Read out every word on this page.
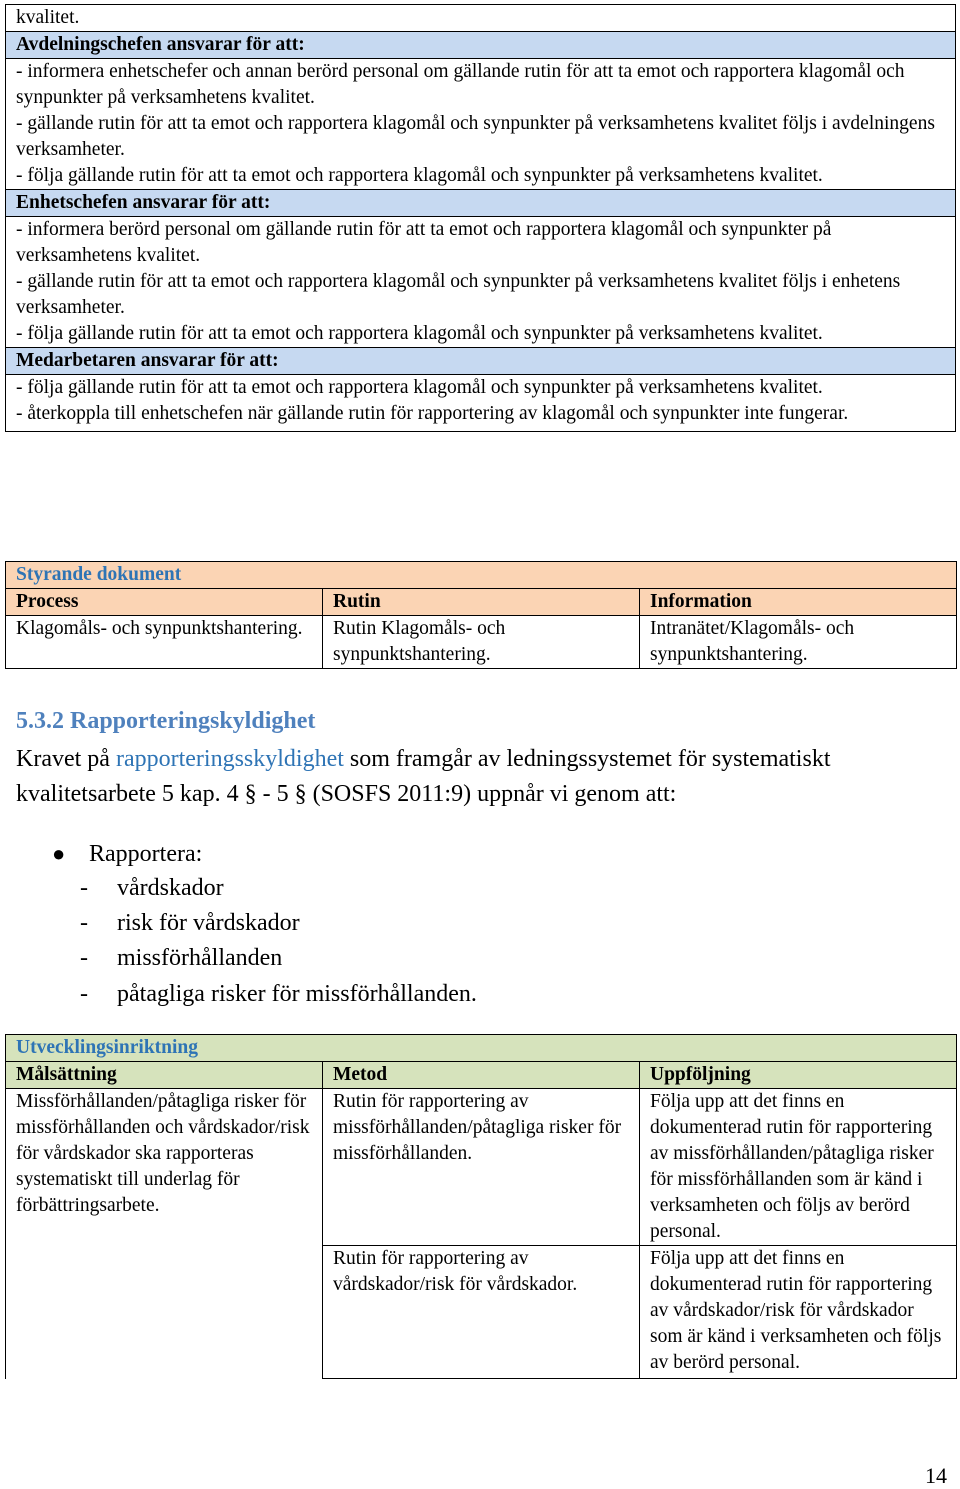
kvalitet.
Avdelningschefen ansvarar för att:

- informera enhetschefer och annan berörd personal om gällande rutin för att ta emot och rapportera klagomål och synpunkter på verksamhetens kvalitet.
- gällande rutin för att ta emot och rapportera klagomål och synpunkter på verksamhetens kvalitet följs i avdelningens verksamheter.
- följa gällande rutin för att ta emot och rapportera klagomål och synpunkter på verksamhetens kvalitet.

Enhetschefen ansvarar för att:

- informera berörd personal om gällande rutin för att ta emot och rapportera klagomål och synpunkter på verksamhetens kvalitet.
- gällande rutin för att ta emot och rapportera klagomål och synpunkter på verksamhetens kvalitet följs i enhetens verksamheter.
- följa gällande rutin för att ta emot och rapportera klagomål och synpunkter på verksamhetens kvalitet.

Medarbetaren ansvarar för att:

- följa gällande rutin för att ta emot och rapportera klagomål och synpunkter på verksamhetens kvalitet.
- återkoppla till enhetschefen när gällande rutin för rapportering av klagomål och synpunkter inte fungerar.
Styrande dokument		
Process	Rutin	Information
Klagomåls- och synpunktshantering.	Rutin Klagomåls- och synpunktshantering.	Intranätet/Klagomåls- och synpunktshantering.
5.3.2 Rapporteringskyldighet

Kravet på rapporteringsskyldighet som framgår av ledningssystemet för systematiskt kvalitetsarbete 5 kap. 4 § - 5 § (SOSFS 2011:9) uppnår vi genom att:

● Rapportera:
- vårdskador
- risk för vårdskador
- missförhållanden
- påtagliga risker för missförhållanden.
Utvecklingsinriktning		
Målsättning	Metod	Uppföljning
Missförhållanden/påtagliga risker för missförhållanden och vårdskador/risk för vårdskador ska rapporteras systematiskt till underlag för förbättringsarbete.	Rutin för rapportering av missförhållanden/påtagliga risker för missförhållanden.	Följa upp att det finns en dokumenterad rutin för rapportering av missförhållanden/påtagliga risker för missförhållanden som är känd i verksamheten och följs av berörd personal.
	Rutin för rapportering av vårdskador/risk för vårdskador.	Följa upp att det finns en dokumenterad rutin för rapportering av vårdskador/risk för vårdskador som är känd i verksamheten och följs av berörd personal.
14
